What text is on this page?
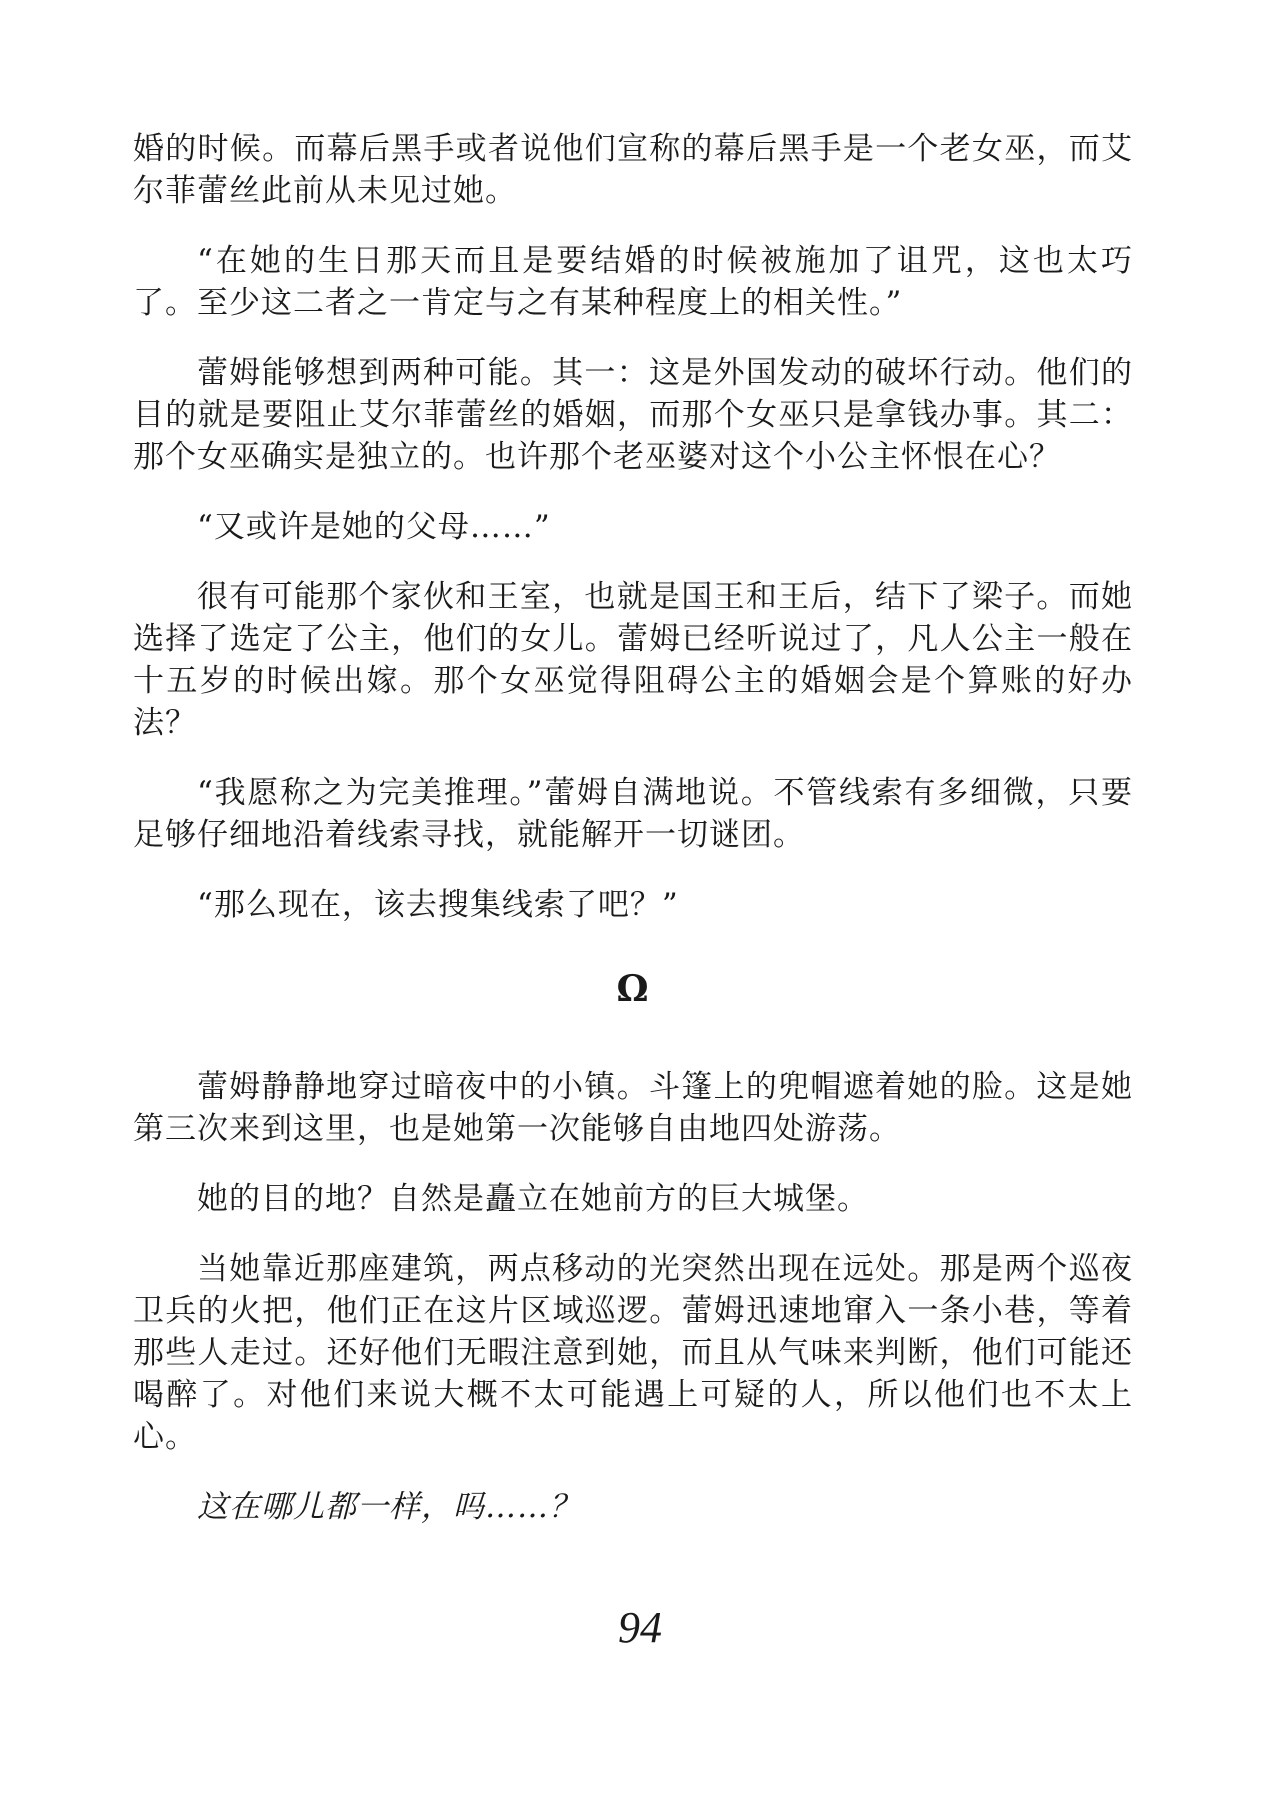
婚的时候。而幕后黑手或者说他们宣称的幕后黑手是一个老女巫，而艾尔菲蕾丝此前从未见过她。

“在她的生日那天而且是要结婚的时候被施加了诅咒，这也太巧了。至少这二者之一肯定与之有某种程度上的相关性。”

蕾姆能够想到两种可能。其一：这是外国发动的破坏行动。他们的目的就是要阻止艾尔菲蕾丝的婚姻，而那个女巫只是拿钱办事。其二：那个女巫确实是独立的。也许那个老巫婆对这个小公主怀恨在心？

“又或许是她的父母……”

很有可能那个家伙和王室，也就是国王和王后，结下了梁子。而她选择了选定了公主，他们的女儿。蕾姆已经听说过了，凡人公主一般在十五岁的时候出嫁。那个女巫觉得阻碍公主的婚姻会是个算账的好办法？

“我愿称之为完美推理。”蕾姆自满地说。不管线索有多细微，只要足够仔细地沿着线索寻找，就能解开一切谜团。

“那么现在，该去搜集线索了吧？”

Ω

蕾姆静静地穿过暗夜中的小镇。斗篷上的兜帽遮着她的脸。这是她第三次来到这里，也是她第一次能够自由地四处游荡。

她的目的地？自然是矗立在她前方的巨大城堡。

当她靠近那座建筑，两点移动的光突然出现在远处。那是两个巡夜卫兵的火把，他们正在这片区域巡逻。蕾姆迅速地窜入一条小巷，等着那些人走过。还好他们无暇注意到她，而且从气味来判断，他们可能还喝醉了。对他们来说大概不太可能遇上可疑的人，所以他们也不太上心。

这在哪儿都一样，吗……？

94
